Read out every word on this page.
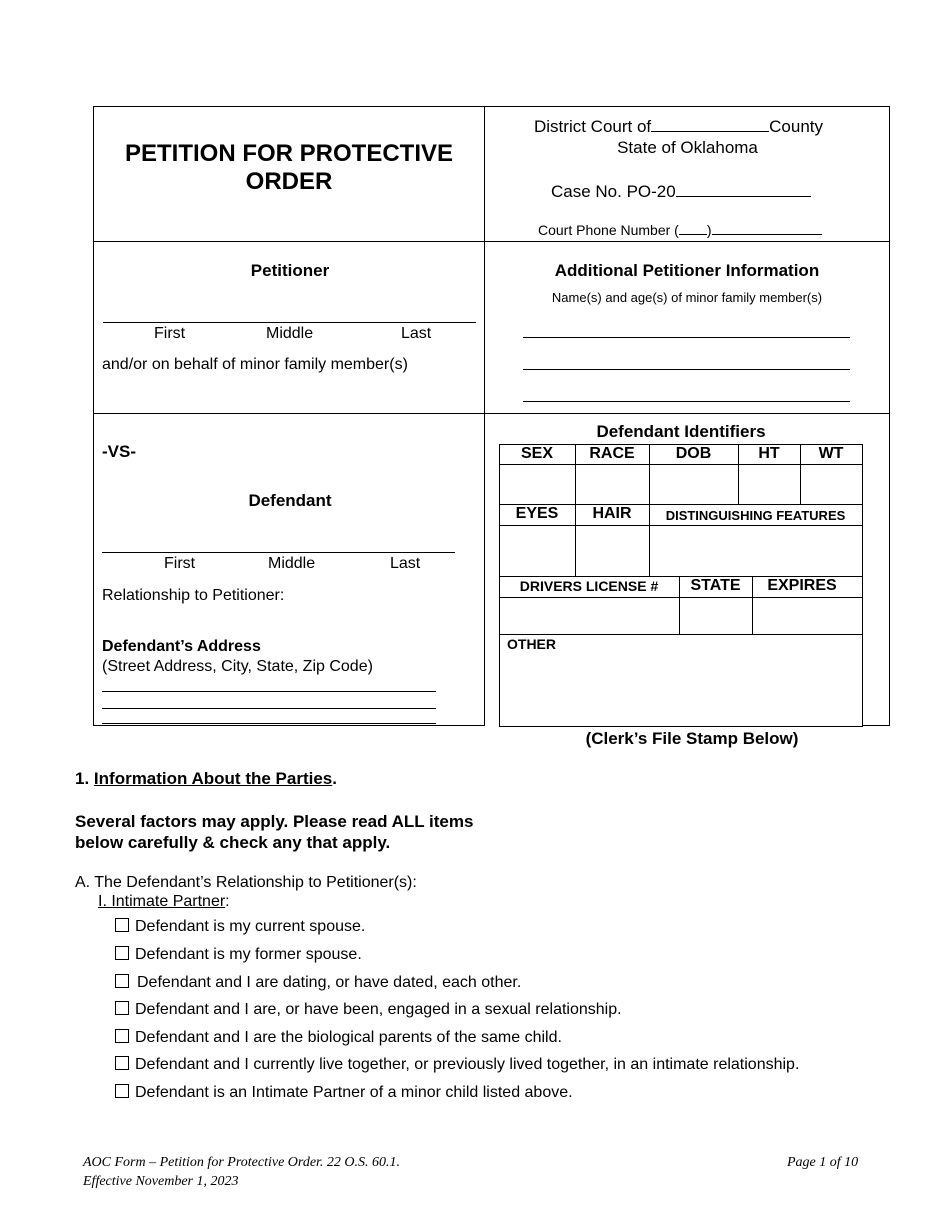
PETITION FOR PROTECTIVE ORDER
District Court of	County
State of Oklahoma
Case No. PO-20
Court Phone Number ( )
Petitioner
First	Middle	Last
and/or on behalf of minor family member(s)
Additional Petitioner Information
Name(s) and age(s) of minor family member(s)
-VS-
Defendant
First	Middle	Last
Relationship to Petitioner:
Defendant’s Address
(Street Address, City, State, Zip Code)
Defendant Identifiers
SEX	RACE	DOB	HT	WT
EYES	HAIR	DISTINGUISHING FEATURES
DRIVERS LICENSE #	STATE	EXPIRES
OTHER
(Clerk’s File Stamp Below)
1. Information About the Parties.
Several factors may apply. Please read ALL items
below carefully & check any that apply.
A. The Defendant’s Relationship to Petitioner(s):
I. Intimate Partner:
Defendant is my current spouse.
Defendant is my former spouse.
Defendant and I are dating, or have dated, each other.
Defendant and I are, or have been, engaged in a sexual relationship.
Defendant and I are the biological parents of the same child.
Defendant and I currently live together, or previously lived together, in an intimate relationship.
Defendant is an Intimate Partner of a minor child listed above.
AOC Form – Petition for Protective Order. 22 O.S. 60.1.
Effective November 1, 2023
Page 1 of 10
